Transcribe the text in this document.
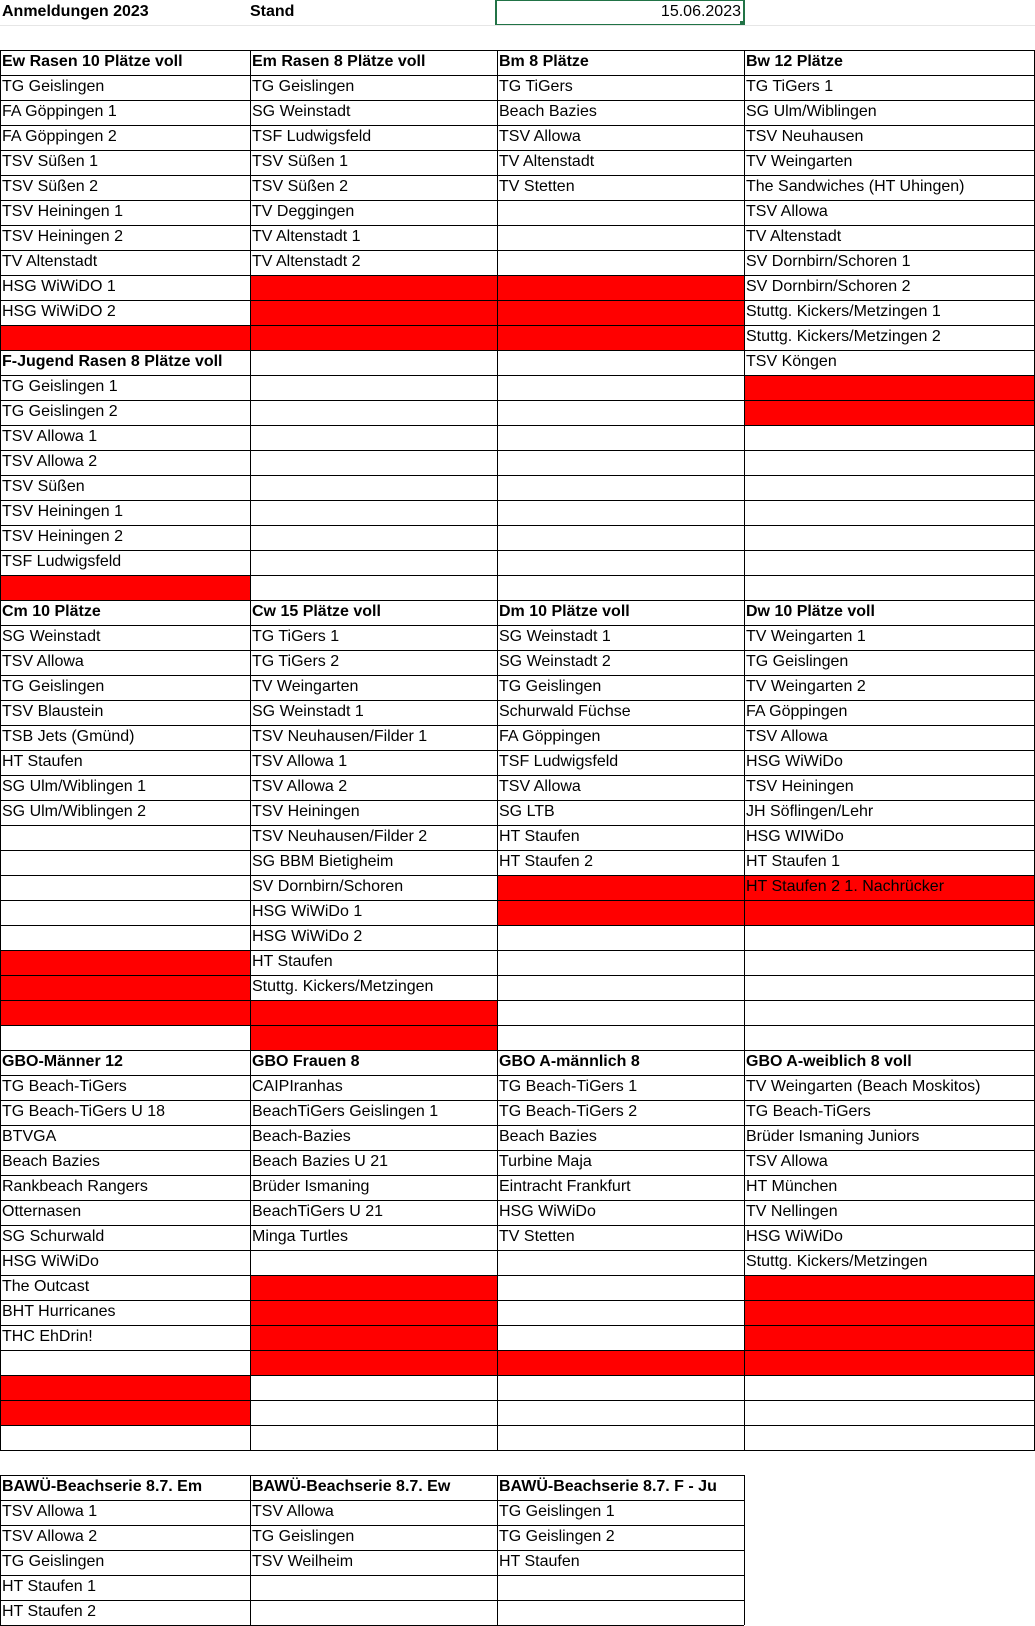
Anmeldungen 2023	Stand	15.06.2023
Ew Rasen 10 Plätze voll
TG Geislingen
FA Göppingen 1
FA Göppingen 2
TSV Süßen 1
TSV Süßen 2
TSV Heiningen 1
TSV Heiningen 2
TV Altenstadt
HSG WiWiDO 1
HSG WiWiDO 2
Em Rasen 8 Plätze voll
TG Geislingen
SG Weinstadt
TSF Ludwigsfeld
TSV Süßen 1
TSV Süßen 2
TV Deggingen
TV Altenstadt 1
TV Altenstadt 2
Bm 8 Plätze
TG TiGers
Beach Bazies
TSV Allowa
TV Altenstadt
TV Stetten
Bw 12 Plätze
TG TiGers 1
SG Ulm/Wiblingen
TSV Neuhausen
TV Weingarten
The Sandwiches (HT Uhingen)
TSV Allowa
TV Altenstadt
SV Dornbirn/Schoren 1
SV Dornbirn/Schoren 2
Stuttg. Kickers/Metzingen 1
Stuttg. Kickers/Metzingen 2
TSV Köngen
F-Jugend Rasen 8 Plätze voll
TG Geislingen 1
TG Geislingen 2
TSV Allowa 1
TSV Allowa 2
TSV Süßen
TSV Heiningen 1
TSV Heiningen 2
TSF Ludwigsfeld
Cm 10 Plätze
SG Weinstadt
TSV Allowa
TG Geislingen
TSV Blaustein
TSB Jets (Gmünd)
HT Staufen
SG Ulm/Wiblingen 1
SG Ulm/Wiblingen 2
Cw 15 Plätze voll
TG TiGers 1
TG TiGers 2
TV Weingarten
SG Weinstadt 1
TSV Neuhausen/Filder 1
TSV Allowa 1
TSV Allowa 2
TSV Heiningen
TSV Neuhausen/Filder 2
SG BBM Bietigheim
SV Dornbirn/Schoren
HSG WiWiDo 1
HSG WiWiDo 2
HT Staufen
Stuttg. Kickers/Metzingen
Dm 10 Plätze voll
SG Weinstadt 1
SG Weinstadt 2
TG Geislingen
Schurwald Füchse
FA Göppingen
TSF Ludwigsfeld
TSV Allowa
SG LTB
HT Staufen
HT Staufen 2
Dw 10 Plätze voll
TV Weingarten 1
TG Geislingen
TV Weingarten 2
FA Göppingen
TSV Allowa
HSG WiWiDo
TSV Heiningen
JH Söflingen/Lehr
HSG WIWiDo
HT Staufen 1
HT Staufen 2 1. Nachrücker
GBO-Männer 12
TG Beach-TiGers
TG Beach-TiGers U 18
BTVGA
Beach Bazies
Rankbeach Rangers
Otternasen
SG Schurwald
HSG WiWiDo
The Outcast
BHT Hurricanes
THC EhDrin!
GBO Frauen 8
CAIPIranhas
BeachTiGers Geislingen 1
Beach-Bazies
Beach Bazies U 21
Brüder Ismaning
BeachTiGers U 21
Minga Turtles
GBO A-männlich 8
TG Beach-TiGers 1
TG Beach-TiGers 2
Beach Bazies
Turbine Maja
Eintracht Frankfurt
HSG WiWiDo
TV Stetten
GBO A-weiblich 8 voll
TV Weingarten (Beach Moskitos)
TG Beach-TiGers
Brüder Ismaning Juniors
TSV Allowa
HT München
TV Nellingen
HSG WiWiDo
Stuttg. Kickers/Metzingen
BAWÜ-Beachserie 8.7. Em
TSV Allowa 1
TSV Allowa 2
TG Geislingen
HT Staufen 1
HT Staufen 2
BAWÜ-Beachserie 8.7. Ew
TSV Allowa
TG Geislingen
TSV Weilheim
BAWÜ-Beachserie 8.7. F - Ju
TG Geislingen 1
TG Geislingen 2
HT Staufen
